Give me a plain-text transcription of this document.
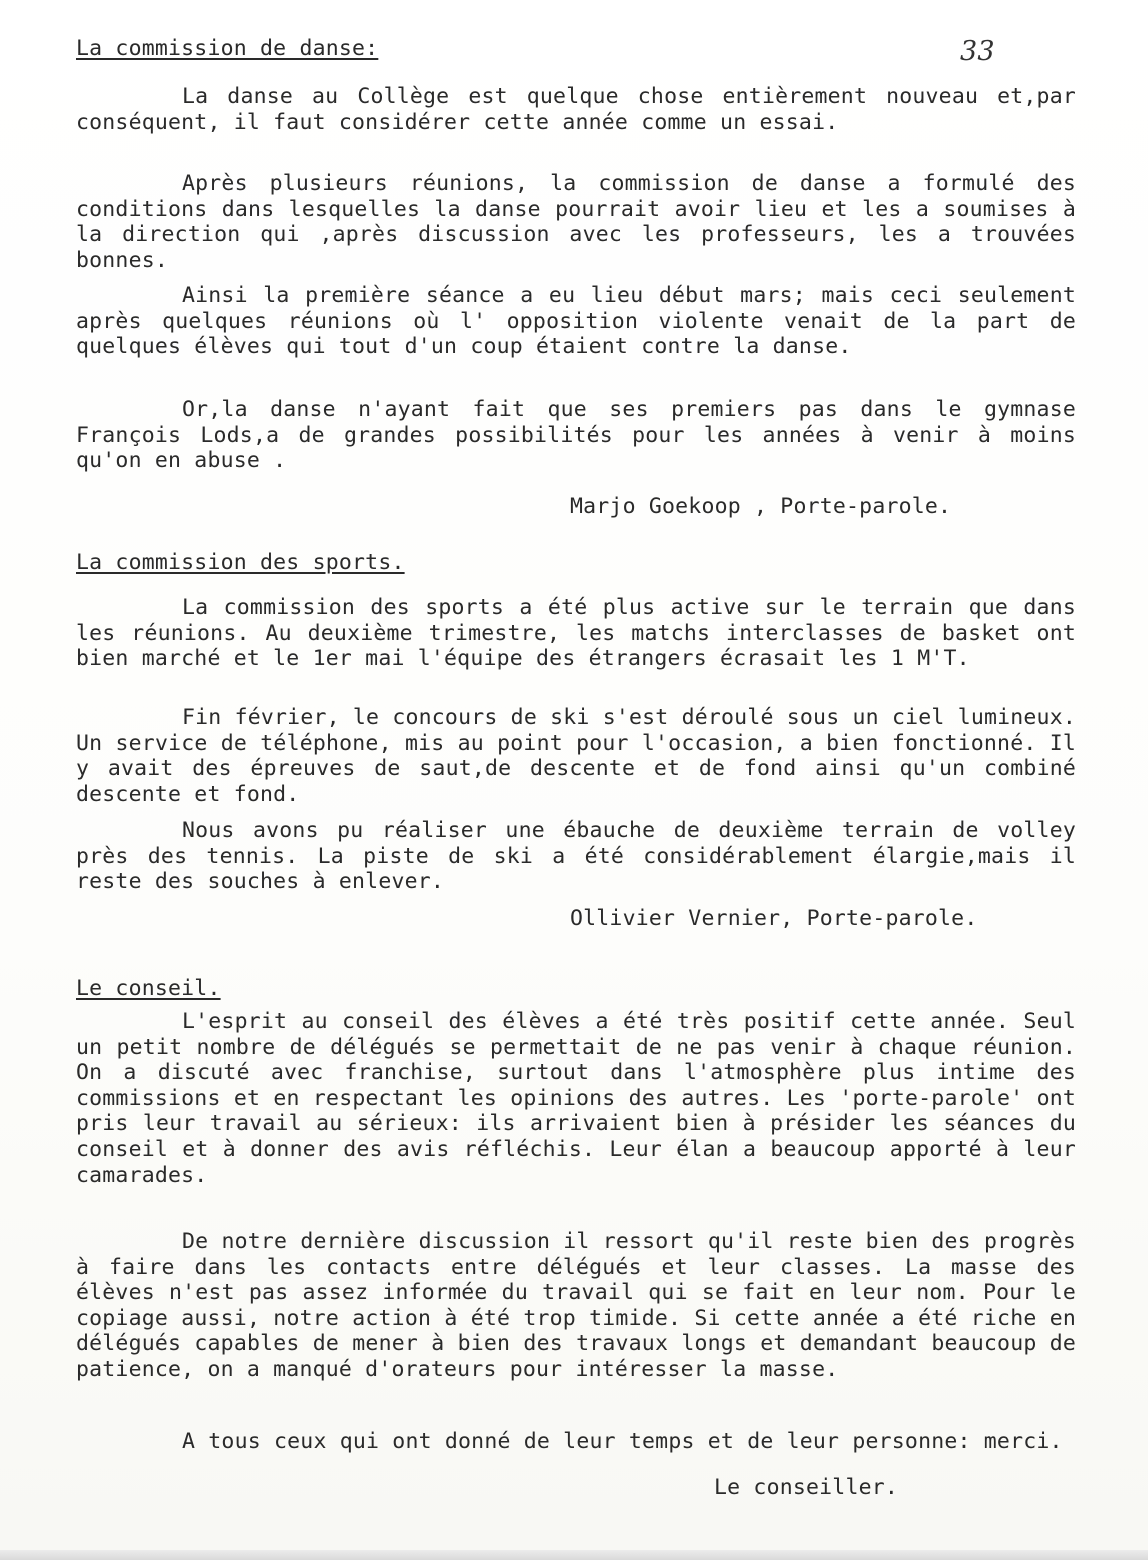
33
La commission de danse:

La danse au Collège est quelque chose entièrement nouveau et,par conséquent, il faut considérer cette année comme un essai.

Après plusieurs réunions, la commission de danse a formulé des conditions dans lesquelles la danse pourrait avoir lieu et les a soumises à la direction qui ,après discussion avec les professeurs, les a trouvées bonnes.

Ainsi la première séance a eu lieu début mars; mais ceci seulement après quelques réunions où l' opposition violente venait de la part de quelques élèves qui tout d'un coup étaient contre la danse.

Or,la danse n'ayant fait que ses premiers pas dans le gymnase François Lods,a de grandes possibilités pour les années à venir à moins qu'on en abuse .

Marjo Goekoop , Porte-parole.
La commission des sports.

La commission des sports a été plus active sur le terrain que dans les réunions. Au deuxième trimestre, les matchs interclasses de basket ont bien marché et le 1er mai l'équipe des étrangers écrasait les 1 M'T.

Fin février, le concours de ski s'est déroulé sous un ciel lumineux. Un service de téléphone, mis au point pour l'occasion, a bien fonctionné. Il y avait des épreuves de saut,de descente et de fond ainsi qu'un combiné descente et fond.

Nous avons pu réaliser une ébauche de deuxième terrain de volley près des tennis. La piste de ski a été considérablement élargie,mais il reste des souches à enlever.

Ollivier Vernier, Porte-parole.
Le conseil.

L'esprit au conseil des élèves a été très positif cette année. Seul un petit nombre de délégués se permettait de ne pas venir à chaque réunion. On a discuté avec franchise, surtout dans l'atmosphère plus intime des commissions et en respectant les opinions des autres. Les 'porte-parole' ont pris leur travail au sérieux: ils arrivaient bien à présider les séances du conseil et à donner des avis réfléchis. Leur élan a beaucoup apporté à leur camarades.

De notre dernière discussion il ressort qu'il reste bien des progrès à faire dans les contacts entre délégués et leur classes. La masse des élèves n'est pas assez informée du travail qui se fait en leur nom. Pour le copiage aussi, notre action à été trop timide. Si cette année a été riche en délégués capables de mener à bien des travaux longs et demandant beaucoup de patience, on a manqué d'orateurs pour intéresser la masse.

A tous ceux qui ont donné de leur temps et de leur personne: merci.

Le conseiller.
